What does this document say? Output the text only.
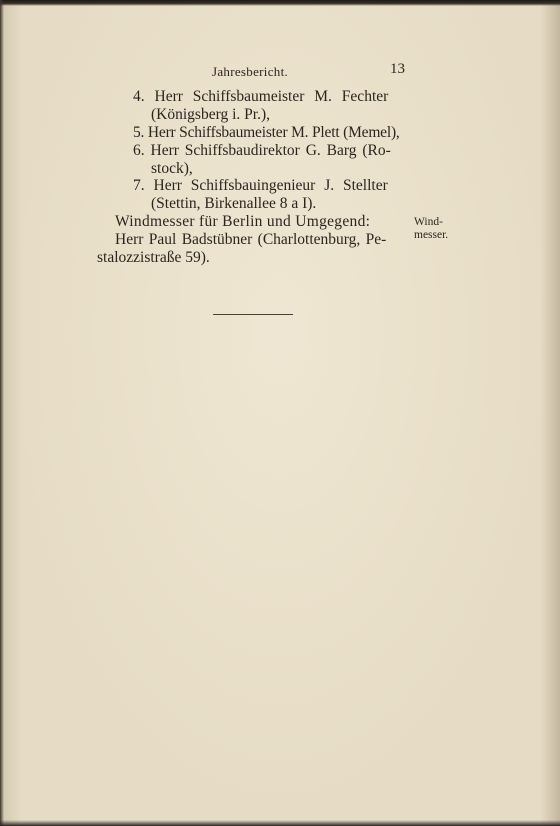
Jahresbericht.	13
4. Herr Schiffsbaumeister M. Fechter
(Königsberg i. Pr.),
5. Herr Schiffsbaumeister M. Plett (Memel),
6. Herr Schiffsbaudirektor G. Barg (Ro-
stock),
7. Herr Schiffsbauingenieur J. Stellter
(Stettin, Birkenallee 8 a I).
Windmesser für Berlin und Umgegend:
Herr Paul Badstübner (Charlottenburg, Pe-
stalozzistraße 59).
Wind-
messer.
